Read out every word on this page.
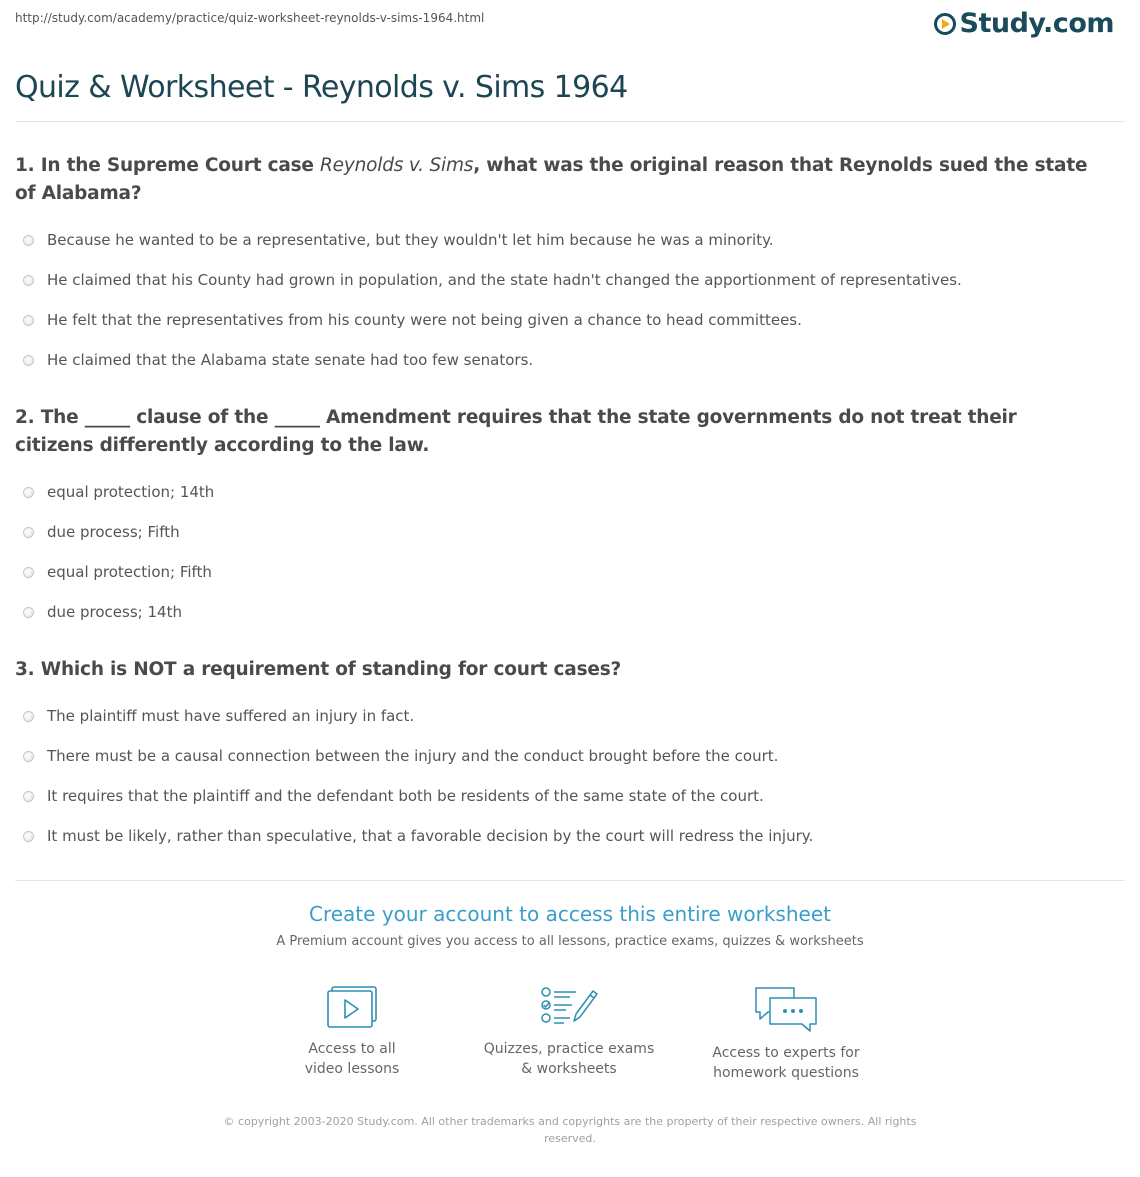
http://study.com/academy/practice/quiz-worksheet-reynolds-v-sims-1964.html	Study.com
Quiz & Worksheet - Reynolds v. Sims 1964

1. In the Supreme Court case Reynolds v. Sims, what was the original reason that Reynolds sued the state of Alabama?

Because he wanted to be a representative, but they wouldn't let him because he was a minority.
He claimed that his County had grown in population, and the state hadn't changed the apportionment of representatives.
He felt that the representatives from his county were not being given a chance to head committees.
He claimed that the Alabama state senate had too few senators.

2. The _____ clause of the _____ Amendment requires that the state governments do not treat their citizens differently according to the law.

equal protection; 14th
due process; Fifth
equal protection; Fifth
due process; 14th

3. Which is NOT a requirement of standing for court cases?

The plaintiff must have suffered an injury in fact.
There must be a causal connection between the injury and the conduct brought before the court.
It requires that the plaintiff and the defendant both be residents of the same state of the court.
It must be likely, rather than speculative, that a favorable decision by the court will redress the injury.

Create your account to access this entire worksheet

A Premium account gives you access to all lessons, practice exams, quizzes & worksheets
Access to all
video lessons
Quizzes, practice exams
& worksheets
Access to experts for
homework questions
© copyright 2003-2020 Study.com. All other trademarks and copyrights are the property of their respective owners. All rights reserved.
